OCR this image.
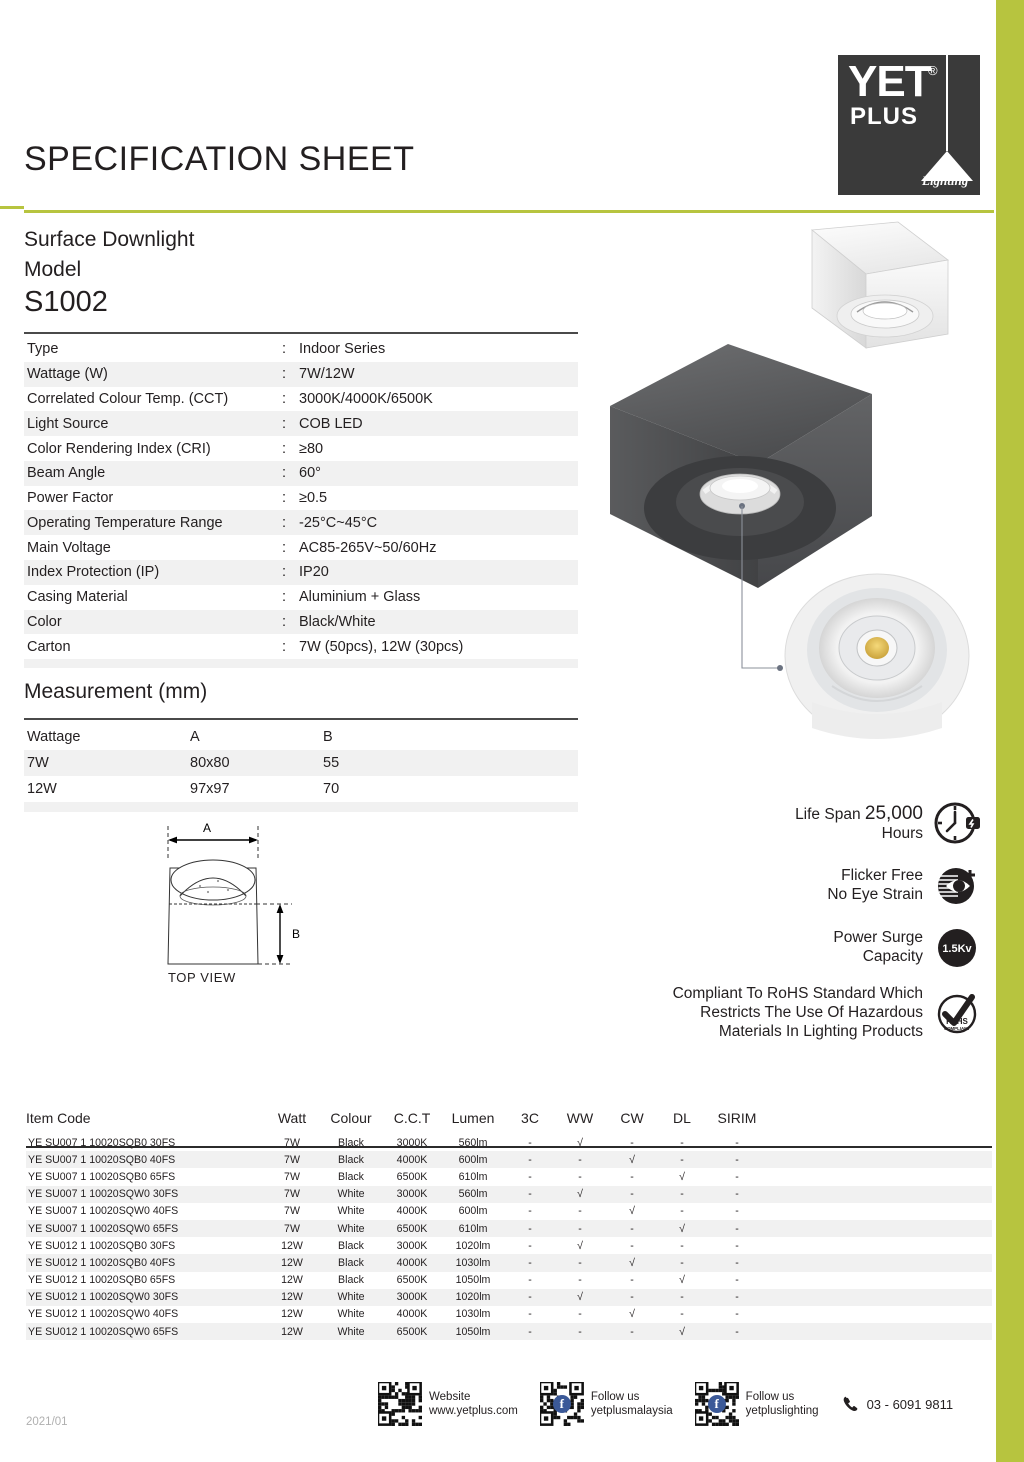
YET
®
PLUS
Lighting
SPECIFICATION SHEET
Surface Downlight
Model
S1002
Type	:	Indoor Series
Wattage (W)	:	7W/12W
Correlated Colour Temp. (CCT)	:	3000K/4000K/6500K
Light Source	:	COB LED
Color Rendering Index (CRI)	:	≥80
Beam Angle	:	60°
Power Factor	:	≥0.5
Operating Temperature Range	:	-25°C~45°C
Main Voltage	:	AC85-265V~50/60Hz
Index Protection (IP)	:	IP20
Casing Material	:	Aluminium + Glass
Color	:	Black/White
Carton	:	7W (50pcs), 12W (30pcs)

Measurement (mm)
Wattage	A	B
7W	80x80	55
12W	97x97	70

A
B
TOP VIEW
Life Span 25,000
Hours
Flicker Free
No Eye Strain
Power Surge
Capacity	1.5Kv
Compliant To RoHS Standard Which
Restricts The Use Of Hazardous
Materials In Lighting Products
RoHS
COMPLIANT
Item Code	Watt	Colour	C.C.T	Lumen	3C	WW	CW	DL	SIRIM	
YE SU007 1 10020SQB0 30FS	7W	Black	3000K	560lm	-	√	-	-	-	
YE SU007 1 10020SQB0 40FS	7W	Black	4000K	600lm	-	-	√	-	-	
YE SU007 1 10020SQB0 65FS	7W	Black	6500K	610lm	-	-	-	√	-	
YE SU007 1 10020SQW0 30FS	7W	White	3000K	560lm	-	√	-	-	-	
YE SU007 1 10020SQW0 40FS	7W	White	4000K	600lm	-	-	√	-	-	
YE SU007 1 10020SQW0 65FS	7W	White	6500K	610lm	-	-	-	√	-	
YE SU012 1 10020SQB0 30FS	12W	Black	3000K	1020lm	-	√	-	-	-	
YE SU012 1 10020SQB0 40FS	12W	Black	4000K	1030lm	-	-	√	-	-	
YE SU012 1 10020SQB0 65FS	12W	Black	6500K	1050lm	-	-	-	√	-	
YE SU012 1 10020SQW0 30FS	12W	White	3000K	1020lm	-	√	-	-	-	
YE SU012 1 10020SQW0 40FS	12W	White	4000K	1030lm	-	-	√	-	-	
YE SU012 1 10020SQW0 65FS	12W	White	6500K	1050lm	-	-	-	√	-	
Website
www.yetplus.com	f	Follow us
yetplusmalaysia	f	Follow us
yetpluslighting	03 - 6091 9811
2021/01
